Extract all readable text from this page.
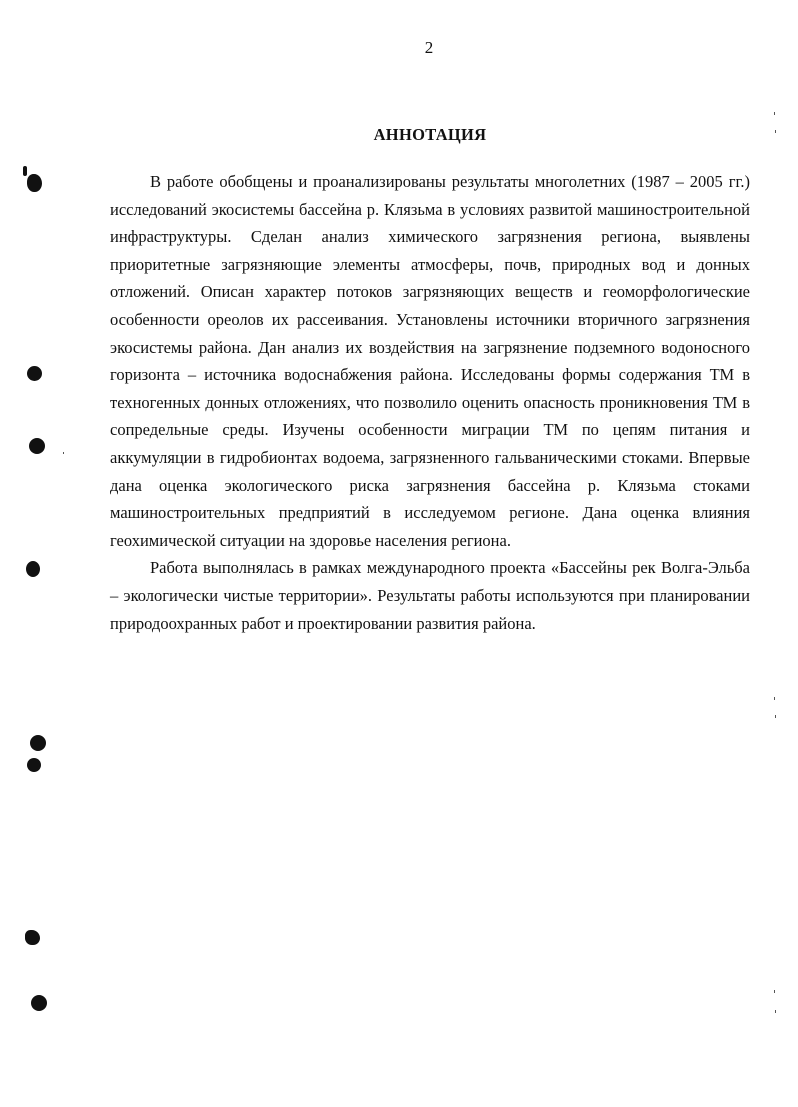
2
АННОТАЦИЯ

В работе обобщены и проанализированы результаты многолетних (1987 – 2005 гг.) исследований экосистемы бассейна р. Клязьма в условиях развитой машиностроительной инфраструктуры. Сделан анализ химического загрязнения региона, выявлены приоритетные загрязняющие элементы атмосферы, почв, природных вод и донных отложений. Описан характер потоков загрязняющих веществ и геоморфологические особенности ореолов их рассеивания. Установлены источники вторичного загрязнения экосистемы района. Дан анализ их воздействия на загрязнение подземного водоносного горизонта – источника водоснабжения района. Исследованы формы содержания ТМ в техногенных донных отложениях, что позволило оценить опасность проникновения ТМ в сопредельные среды. Изучены особенности миграции ТМ по цепям питания и аккумуляции в гидробионтах водоема, загрязненного гальваническими стоками. Впервые дана оценка экологического риска загрязнения бассейна р. Клязьма стоками машиностроительных предприятий в исследуемом регионе. Дана оценка влияния геохимической ситуации на здоровье населения региона.

Работа выполнялась в рамках международного проекта «Бассейны рек Волга-Эльба – экологически чистые территории». Результаты работы используются при планировании природоохранных работ и проектировании развития района.
